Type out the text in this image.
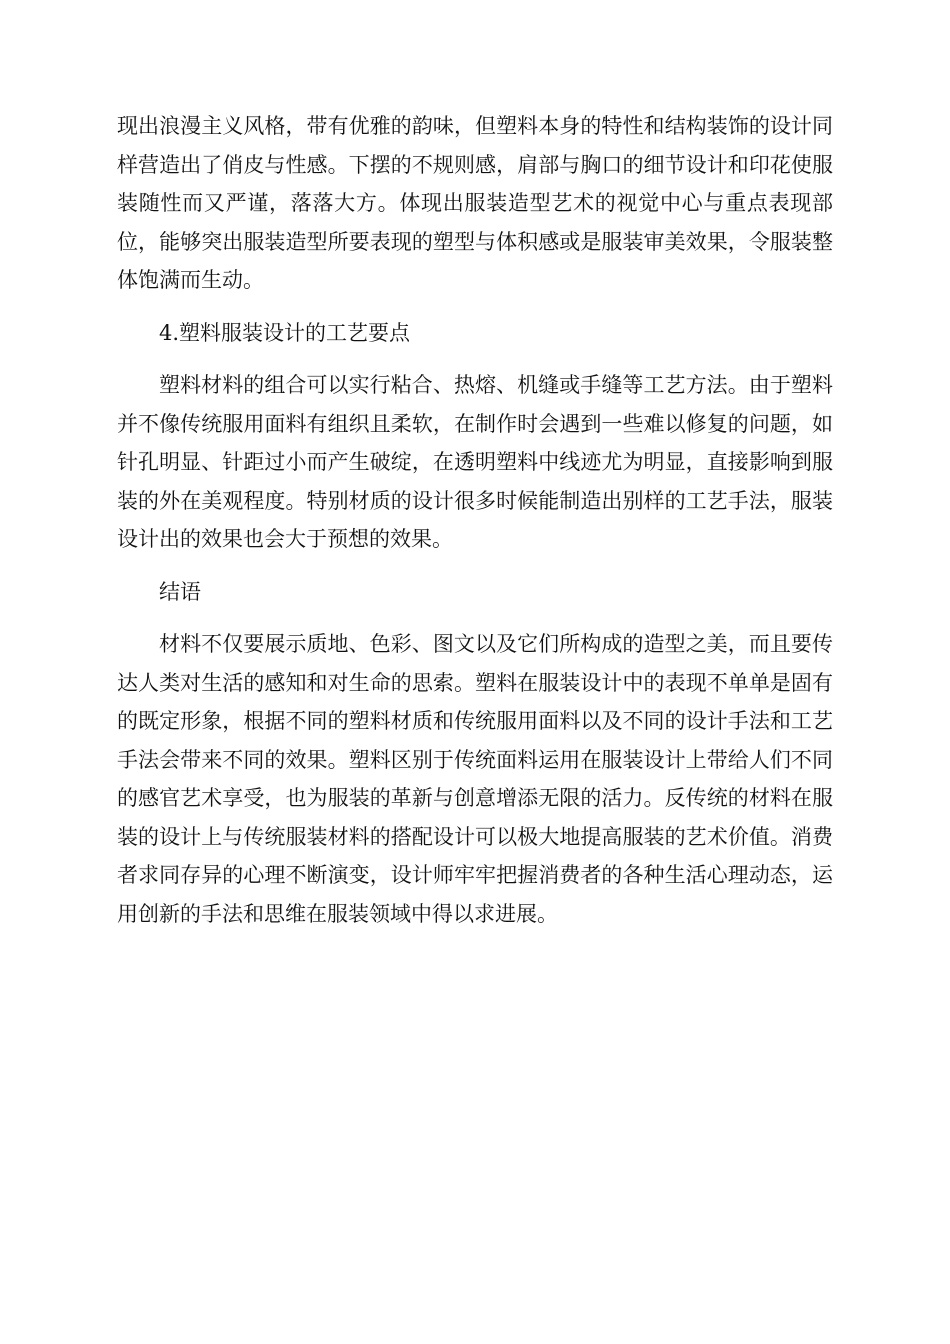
现出浪漫主义风格，带有优雅的韵味，但塑料本身的特性和结构装饰的设计同样营造出了俏皮与性感。下摆的不规则感，肩部与胸口的细节设计和印花使服装随性而又严谨，落落大方。体现出服装造型艺术的视觉中心与重点表现部位，能够突出服装造型所要表现的塑型与体积感或是服装审美效果，令服装整体饱满而生动。

4.塑料服装设计的工艺要点

塑料材料的组合可以实行粘合、热熔、机缝或手缝等工艺方法。由于塑料并不像传统服用面料有组织且柔软，在制作时会遇到一些难以修复的问题，如针孔明显、针距过小而产生破绽，在透明塑料中线迹尤为明显，直接影响到服装的外在美观程度。特别材质的设计很多时候能制造出别样的工艺手法，服装设计出的效果也会大于预想的效果。

结语

材料不仅要展示质地、色彩、图文以及它们所构成的造型之美，而且要传达人类对生活的感知和对生命的思索。塑料在服装设计中的表现不单单是固有的既定形象，根据不同的塑料材质和传统服用面料以及不同的设计手法和工艺手法会带来不同的效果。塑料区别于传统面料运用在服装设计上带给人们不同的感官艺术享受，也为服装的革新与创意增添无限的活力。反传统的材料在服装的设计上与传统服装材料的搭配设计可以极大地提高服装的艺术价值。消费者求同存异的心理不断演变，设计师牢牢把握消费者的各种生活心理动态，运用创新的手法和思维在服装领域中得以求进展。
